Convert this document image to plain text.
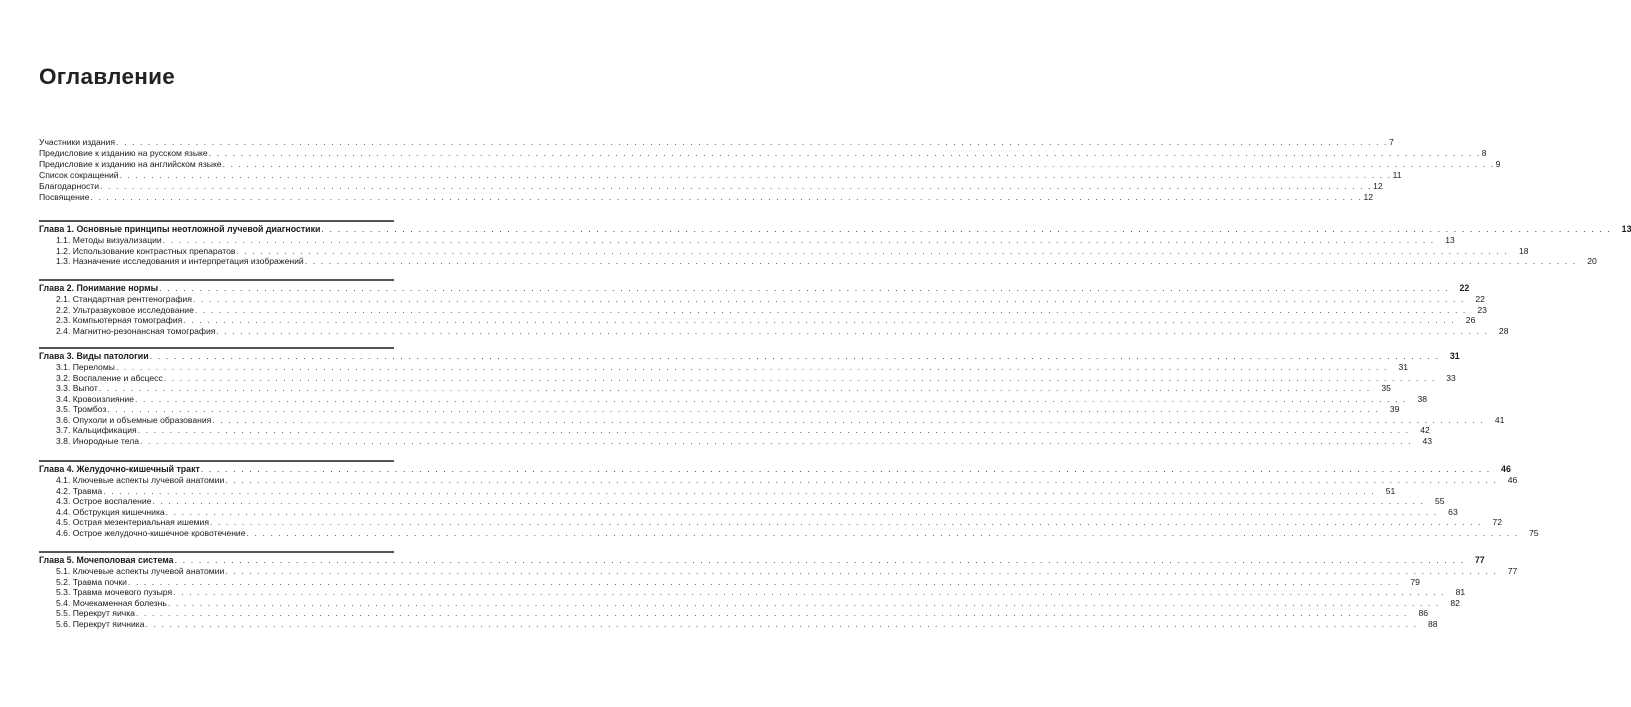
Оглавление
Участники издания . . . . . . . . . . . . . . . . . . . . . . . . . . . . . . . . . . . . . . . . . . . . . . . . . . . . . . . . . . . . . . . . . . . . . . . . . . . . . . . . . . . . . . . . . . . . . . . . . . . . . . . . . . . . . . . . . . . . . . . . . . . . . . . . . . . . . . . . . . . . . . . . . . . . . . . . . . . . . . . . 7
Предисловие к изданию на русском языке . . . . . . . . . . . . . . . . . . . . . . . . . . . . . . . . . . . . . . . . . . . . . . . . . . . . . . . . . . . . . . . . . . . . . . . . . . . . . . . . . . . . . . . . . . . . . . . . . . . . . . . . . . . . . . . . . . . . . . . . . . . . . . . . . . . . . . . . . . . . . . . . . . . . . . . . . . . . . . . . 8
Предисловие к изданию на английском языке . . . . . . . . . . . . . . . . . . . . . . . . . . . . . . . . . . . . . . . . . . . . . . . . . . . . . . . . . . . . . . . . . . . . . . . . . . . . . . . . . . . . . . . . . . . . . . . . . . . . . . . . . . . . . . . . . . . . . . . . . . . . . . . . . . . . . . . . . . . . . . . . . . . . . . . . . . . . . . . . 9
Список сокращений . . . . . . . . . . . . . . . . . . . . . . . . . . . . . . . . . . . . . . . . . . . . . . . . . . . . . . . . . . . . . . . . . . . . . . . . . . . . . . . . . . . . . . . . . . . . . . . . . . . . . . . . . . . . . . . . . . . . . . . . . . . . . . . . . . . . . . . . . . . . . . . . . . . . . . . . . . . . . . . . 11
Благодарности . . . . . . . . . . . . . . . . . . . . . . . . . . . . . . . . . . . . . . . . . . . . . . . . . . . . . . . . . . . . . . . . . . . . . . . . . . . . . . . . . . . . . . . . . . . . . . . . . . . . . . . . . . . . . . . . . . . . . . . . . . . . . . . . . . . . . . . . . . . . . . . . . . . . . . . . . . . . . . . . 12
Посвящение . . . . . . . . . . . . . . . . . . . . . . . . . . . . . . . . . . . . . . . . . . . . . . . . . . . . . . . . . . . . . . . . . . . . . . . . . . . . . . . . . . . . . . . . . . . . . . . . . . . . . . . . . . . . . . . . . . . . . . . . . . . . . . . . . . . . . . . . . . . . . . . . . . . . . . . . . . . . . . . . 12
Глава 1. Основные принципы неотложной лучевой диагностики . . . . . . . . . . . . . . . . . . . . . . . . . . . . . . . . . . . . . . . . . . . . . . . . . . . . . . . . . . . . . . . . . . . . . . . . . . . . . . . . . . . . . . . . . . . . . . . . . . . . . . . . . . . . . . . . . . . . . . . . . . . . . . . . . . . . . . . . . . . . . . . . . . . . . . . . . . . . . . . .	13
1.1. Методы визуализации . . . . . . . . . . . . . . . . . . . . . . . . . . . . . . . . . . . . . . . . . . . . . . . . . . . . . . . . . . . . . . . . . . . . . . . . . . . . . . . . . . . . . . . . . . . . . . . . . . . . . . . . . . . . . . . . . . . . . . . . . . . . . . . . . . . . . . . . . . . . . . . . . . . . . . . . . . . . . . . .	13
1.2. Использование контрастных препаратов . . . . . . . . . . . . . . . . . . . . . . . . . . . . . . . . . . . . . . . . . . . . . . . . . . . . . . . . . . . . . . . . . . . . . . . . . . . . . . . . . . . . . . . . . . . . . . . . . . . . . . . . . . . . . . . . . . . . . . . . . . . . . . . . . . . . . . . . . . . . . . . . . . . . . . . . . . . . . . . .	18
1.3. Назначение исследования и интерпретация изображений . . . . . . . . . . . . . . . . . . . . . . . . . . . . . . . . . . . . . . . . . . . . . . . . . . . . . . . . . . . . . . . . . . . . . . . . . . . . . . . . . . . . . . . . . . . . . . . . . . . . . . . . . . . . . . . . . . . . . . . . . . . . . . . . . . . . . . . . . . . . . . . . . . . . . . . . . . . . . . . .	20
Глава 2. Понимание нормы . . . . . . . . . . . . . . . . . . . . . . . . . . . . . . . . . . . . . . . . . . . . . . . . . . . . . . . . . . . . . . . . . . . . . . . . . . . . . . . . . . . . . . . . . . . . . . . . . . . . . . . . . . . . . . . . . . . . . . . . . . . . . . . . . . . . . . . . . . . . . . . . . . . . . . . . . . . . . . . .	22
2.1. Стандартная рентгенография . . . . . . . . . . . . . . . . . . . . . . . . . . . . . . . . . . . . . . . . . . . . . . . . . . . . . . . . . . . . . . . . . . . . . . . . . . . . . . . . . . . . . . . . . . . . . . . . . . . . . . . . . . . . . . . . . . . . . . . . . . . . . . . . . . . . . . . . . . . . . . . . . . . . . . . . . . . . . . . .	22
2.2. Ультразвуковое исследование . . . . . . . . . . . . . . . . . . . . . . . . . . . . . . . . . . . . . . . . . . . . . . . . . . . . . . . . . . . . . . . . . . . . . . . . . . . . . . . . . . . . . . . . . . . . . . . . . . . . . . . . . . . . . . . . . . . . . . . . . . . . . . . . . . . . . . . . . . . . . . . . . . . . . . . . . . . . . . . .	23
2.3. Компьютерная томография . . . . . . . . . . . . . . . . . . . . . . . . . . . . . . . . . . . . . . . . . . . . . . . . . . . . . . . . . . . . . . . . . . . . . . . . . . . . . . . . . . . . . . . . . . . . . . . . . . . . . . . . . . . . . . . . . . . . . . . . . . . . . . . . . . . . . . . . . . . . . . . . . . . . . . . . . . . . . . . .	26
2.4. Магнитно-резонансная томография . . . . . . . . . . . . . . . . . . . . . . . . . . . . . . . . . . . . . . . . . . . . . . . . . . . . . . . . . . . . . . . . . . . . . . . . . . . . . . . . . . . . . . . . . . . . . . . . . . . . . . . . . . . . . . . . . . . . . . . . . . . . . . . . . . . . . . . . . . . . . . . . . . . . . . . . . . . . . . . .	28
Глава 3. Виды патологии . . . . . . . . . . . . . . . . . . . . . . . . . . . . . . . . . . . . . . . . . . . . . . . . . . . . . . . . . . . . . . . . . . . . . . . . . . . . . . . . . . . . . . . . . . . . . . . . . . . . . . . . . . . . . . . . . . . . . . . . . . . . . . . . . . . . . . . . . . . . . . . . . . . . . . . . . . . . . . . .	31
3.1. Переломы . . . . . . . . . . . . . . . . . . . . . . . . . . . . . . . . . . . . . . . . . . . . . . . . . . . . . . . . . . . . . . . . . . . . . . . . . . . . . . . . . . . . . . . . . . . . . . . . . . . . . . . . . . . . . . . . . . . . . . . . . . . . . . . . . . . . . . . . . . . . . . . . . . . . . . . . . . . . . . . .	31
3.2. Воспаление и абсцесс . . . . . . . . . . . . . . . . . . . . . . . . . . . . . . . . . . . . . . . . . . . . . . . . . . . . . . . . . . . . . . . . . . . . . . . . . . . . . . . . . . . . . . . . . . . . . . . . . . . . . . . . . . . . . . . . . . . . . . . . . . . . . . . . . . . . . . . . . . . . . . . . . . . . . . . . . . . . . . . .	33
3.3. Выпот . . . . . . . . . . . . . . . . . . . . . . . . . . . . . . . . . . . . . . . . . . . . . . . . . . . . . . . . . . . . . . . . . . . . . . . . . . . . . . . . . . . . . . . . . . . . . . . . . . . . . . . . . . . . . . . . . . . . . . . . . . . . . . . . . . . . . . . . . . . . . . . . . . . . . . . . . . . . . . . .	35
3.4. Кровоизлияние . . . . . . . . . . . . . . . . . . . . . . . . . . . . . . . . . . . . . . . . . . . . . . . . . . . . . . . . . . . . . . . . . . . . . . . . . . . . . . . . . . . . . . . . . . . . . . . . . . . . . . . . . . . . . . . . . . . . . . . . . . . . . . . . . . . . . . . . . . . . . . . . . . . . . . . . . . . . . . . .	38
3.5. Тромбоз . . . . . . . . . . . . . . . . . . . . . . . . . . . . . . . . . . . . . . . . . . . . . . . . . . . . . . . . . . . . . . . . . . . . . . . . . . . . . . . . . . . . . . . . . . . . . . . . . . . . . . . . . . . . . . . . . . . . . . . . . . . . . . . . . . . . . . . . . . . . . . . . . . . . . . . . . . . . . . . .	39
3.6. Опухоли и объемные образования . . . . . . . . . . . . . . . . . . . . . . . . . . . . . . . . . . . . . . . . . . . . . . . . . . . . . . . . . . . . . . . . . . . . . . . . . . . . . . . . . . . . . . . . . . . . . . . . . . . . . . . . . . . . . . . . . . . . . . . . . . . . . . . . . . . . . . . . . . . . . . . . . . . . . . . . . . . . . . . .	41
3.7. Кальцификация . . . . . . . . . . . . . . . . . . . . . . . . . . . . . . . . . . . . . . . . . . . . . . . . . . . . . . . . . . . . . . . . . . . . . . . . . . . . . . . . . . . . . . . . . . . . . . . . . . . . . . . . . . . . . . . . . . . . . . . . . . . . . . . . . . . . . . . . . . . . . . . . . . . . . . . . . . . . . . . .	42
3.8. Инородные тела . . . . . . . . . . . . . . . . . . . . . . . . . . . . . . . . . . . . . . . . . . . . . . . . . . . . . . . . . . . . . . . . . . . . . . . . . . . . . . . . . . . . . . . . . . . . . . . . . . . . . . . . . . . . . . . . . . . . . . . . . . . . . . . . . . . . . . . . . . . . . . . . . . . . . . . . . . . . . . . .	43
Глава 4. Желудочно-кишечный тракт . . . . . . . . . . . . . . . . . . . . . . . . . . . . . . . . . . . . . . . . . . . . . . . . . . . . . . . . . . . . . . . . . . . . . . . . . . . . . . . . . . . . . . . . . . . . . . . . . . . . . . . . . . . . . . . . . . . . . . . . . . . . . . . . . . . . . . . . . . . . . . . . . . . . . . . . . . . . . . . .	46
4.1. Ключевые аспекты лучевой анатомии . . . . . . . . . . . . . . . . . . . . . . . . . . . . . . . . . . . . . . . . . . . . . . . . . . . . . . . . . . . . . . . . . . . . . . . . . . . . . . . . . . . . . . . . . . . . . . . . . . . . . . . . . . . . . . . . . . . . . . . . . . . . . . . . . . . . . . . . . . . . . . . . . . . . . . . . . . . . . . . .	46
4.2. Травма . . . . . . . . . . . . . . . . . . . . . . . . . . . . . . . . . . . . . . . . . . . . . . . . . . . . . . . . . . . . . . . . . . . . . . . . . . . . . . . . . . . . . . . . . . . . . . . . . . . . . . . . . . . . . . . . . . . . . . . . . . . . . . . . . . . . . . . . . . . . . . . . . . . . . . . . . . . . . . . .	51
4.3. Острое воспаление . . . . . . . . . . . . . . . . . . . . . . . . . . . . . . . . . . . . . . . . . . . . . . . . . . . . . . . . . . . . . . . . . . . . . . . . . . . . . . . . . . . . . . . . . . . . . . . . . . . . . . . . . . . . . . . . . . . . . . . . . . . . . . . . . . . . . . . . . . . . . . . . . . . . . . . . . . . . . . . .	55
4.4. Обструкция кишечника . . . . . . . . . . . . . . . . . . . . . . . . . . . . . . . . . . . . . . . . . . . . . . . . . . . . . . . . . . . . . . . . . . . . . . . . . . . . . . . . . . . . . . . . . . . . . . . . . . . . . . . . . . . . . . . . . . . . . . . . . . . . . . . . . . . . . . . . . . . . . . . . . . . . . . . . . . . . . . . .	63
4.5. Острая мезентериальная ишемия . . . . . . . . . . . . . . . . . . . . . . . . . . . . . . . . . . . . . . . . . . . . . . . . . . . . . . . . . . . . . . . . . . . . . . . . . . . . . . . . . . . . . . . . . . . . . . . . . . . . . . . . . . . . . . . . . . . . . . . . . . . . . . . . . . . . . . . . . . . . . . . . . . . . . . . . . . . . . . . .	72
4.6. Острое желудочно-кишечное кровотечение . . . . . . . . . . . . . . . . . . . . . . . . . . . . . . . . . . . . . . . . . . . . . . . . . . . . . . . . . . . . . . . . . . . . . . . . . . . . . . . . . . . . . . . . . . . . . . . . . . . . . . . . . . . . . . . . . . . . . . . . . . . . . . . . . . . . . . . . . . . . . . . . . . . . . . . . . . . . . . . .	75
Глава 5. Мочеполовая система . . . . . . . . . . . . . . . . . . . . . . . . . . . . . . . . . . . . . . . . . . . . . . . . . . . . . . . . . . . . . . . . . . . . . . . . . . . . . . . . . . . . . . . . . . . . . . . . . . . . . . . . . . . . . . . . . . . . . . . . . . . . . . . . . . . . . . . . . . . . . . . . . . . . . . . . . . . . . . . .	77
5.1. Ключевые аспекты лучевой анатомии . . . . . . . . . . . . . . . . . . . . . . . . . . . . . . . . . . . . . . . . . . . . . . . . . . . . . . . . . . . . . . . . . . . . . . . . . . . . . . . . . . . . . . . . . . . . . . . . . . . . . . . . . . . . . . . . . . . . . . . . . . . . . . . . . . . . . . . . . . . . . . . . . . . . . . . . . . . . . . . .	77
5.2. Травма почки . . . . . . . . . . . . . . . . . . . . . . . . . . . . . . . . . . . . . . . . . . . . . . . . . . . . . . . . . . . . . . . . . . . . . . . . . . . . . . . . . . . . . . . . . . . . . . . . . . . . . . . . . . . . . . . . . . . . . . . . . . . . . . . . . . . . . . . . . . . . . . . . . . . . . . . . . . . . . . . .	79
5.3. Травма мочевого пузыря . . . . . . . . . . . . . . . . . . . . . . . . . . . . . . . . . . . . . . . . . . . . . . . . . . . . . . . . . . . . . . . . . . . . . . . . . . . . . . . . . . . . . . . . . . . . . . . . . . . . . . . . . . . . . . . . . . . . . . . . . . . . . . . . . . . . . . . . . . . . . . . . . . . . . . . . . . . . . . . .	81
5.4. Мочекаменная болезнь . . . . . . . . . . . . . . . . . . . . . . . . . . . . . . . . . . . . . . . . . . . . . . . . . . . . . . . . . . . . . . . . . . . . . . . . . . . . . . . . . . . . . . . . . . . . . . . . . . . . . . . . . . . . . . . . . . . . . . . . . . . . . . . . . . . . . . . . . . . . . . . . . . . . . . . . . . . . . . . .	82
5.5. Перекрут яичка . . . . . . . . . . . . . . . . . . . . . . . . . . . . . . . . . . . . . . . . . . . . . . . . . . . . . . . . . . . . . . . . . . . . . . . . . . . . . . . . . . . . . . . . . . . . . . . . . . . . . . . . . . . . . . . . . . . . . . . . . . . . . . . . . . . . . . . . . . . . . . . . . . . . . . . . . . . . . . . .	86
5.6. Перекрут яичника . . . . . . . . . . . . . . . . . . . . . . . . . . . . . . . . . . . . . . . . . . . . . . . . . . . . . . . . . . . . . . . . . . . . . . . . . . . . . . . . . . . . . . . . . . . . . . . . . . . . . . . . . . . . . . . . . . . . . . . . . . . . . . . . . . . . . . . . . . . . . . . . . . . . . . . . . . . . . . . .	88
